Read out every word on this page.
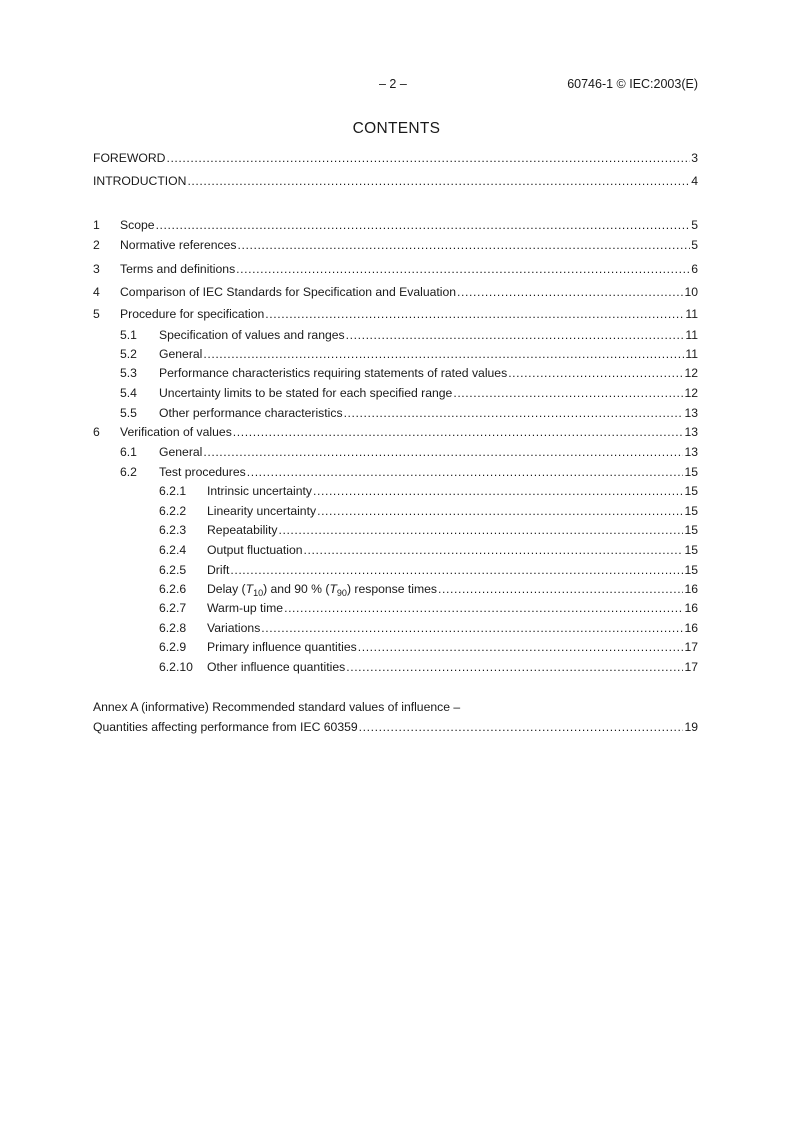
– 2 –	60746-1 © IEC:2003(E)
CONTENTS
FOREWORD .....	3
INTRODUCTION .....	4
1 Scope .....	5
2 Normative references .....	5
3 Terms and definitions .....	6
4 Comparison of IEC Standards for Specification and Evaluation .....	10
5 Procedure for specification .....	11
5.1 Specification of values and ranges .....	11
5.2 General .....	11
5.3 Performance characteristics requiring statements of rated values .....	12
5.4 Uncertainty limits to be stated for each specified range .....	12
5.5 Other performance characteristics .....	13
6 Verification of values .....	13
6.1 General .....	13
6.2 Test procedures .....	15
6.2.1 Intrinsic uncertainty .....	15
6.2.2 Linearity uncertainty .....	15
6.2.3 Repeatability .....	15
6.2.4 Output fluctuation .....	15
6.2.5 Drift .....	15
6.2.6 Delay $(T_{10})$ and 90 % $(T_{90})$ response times .....	16
6.2.7 Warm-up time .....	16
6.2.8 Variations .....	16
6.2.9 Primary influence quantities .....	17
6.2.10 Other influence quantities .....	17
Annex A (informative) Recommended standard values of influence –
Quantities affecting performance from IEC 60359 .....	19
